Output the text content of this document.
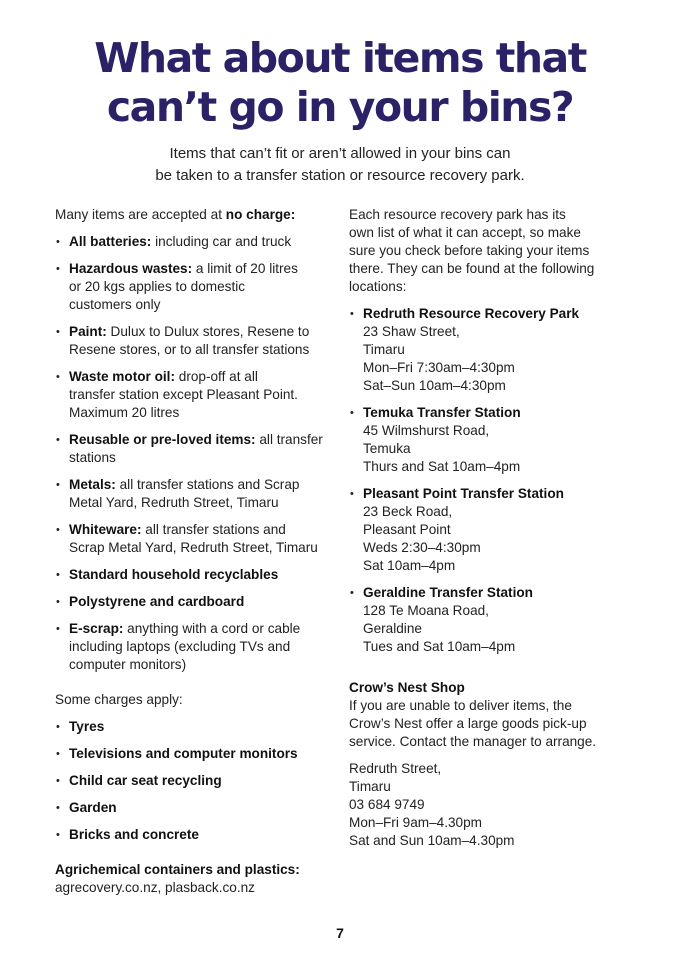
What about items that
can’t go in your bins?
Items that can’t fit or aren’t allowed in your bins can
be taken to a transfer station or resource recovery park.

Many items are accepted at no charge:

• All batteries: including car and truck
• Hazardous wastes: a limit of 20 litres
or 20 kgs applies to domestic
customers only
• Paint: Dulux to Dulux stores, Resene to
Resene stores, or to all transfer stations
• Waste motor oil: drop-off at all
transfer station except Pleasant Point.
Maximum 20 litres
• Reusable or pre-loved items: all transfer
stations
• Metals: all transfer stations and Scrap
Metal Yard, Redruth Street, Timaru
• Whiteware: all transfer stations and
Scrap Metal Yard, Redruth Street, Timaru
• Standard household recyclables
• Polystyrene and cardboard
• E-scrap: anything with a cord or cable
including laptops (excluding TVs and
computer monitors)

Some charges apply:

• Tyres
• Televisions and computer monitors
• Child car seat recycling
• Garden
• Bricks and concrete

Agrichemical containers and plastics:

agrecovery.co.nz, plasback.co.nz

Each resource recovery park has its
own list of what it can accept, so make
sure you check before taking your items
there. They can be found at the following
locations:

• Redruth Resource Recovery Park
23 Shaw Street,
Timaru
Mon–Fri 7:30am–4:30pm
Sat–Sun 10am–4:30pm
• Temuka Transfer Station
45 Wilmshurst Road,
Temuka
Thurs and Sat 10am–4pm
• Pleasant Point Transfer Station
23 Beck Road,
Pleasant Point
Weds 2:30–4:30pm
Sat 10am–4pm
• Geraldine Transfer Station
128 Te Moana Road,
Geraldine
Tues and Sat 10am–4pm

Crow’s Nest Shop

If you are unable to deliver items, the
Crow’s Nest offer a large goods pick-up
service. Contact the manager to arrange.

Redruth Street,
Timaru
03 684 9749
Mon–Fri 9am–4.30pm
Sat and Sun 10am–4.30pm

7
